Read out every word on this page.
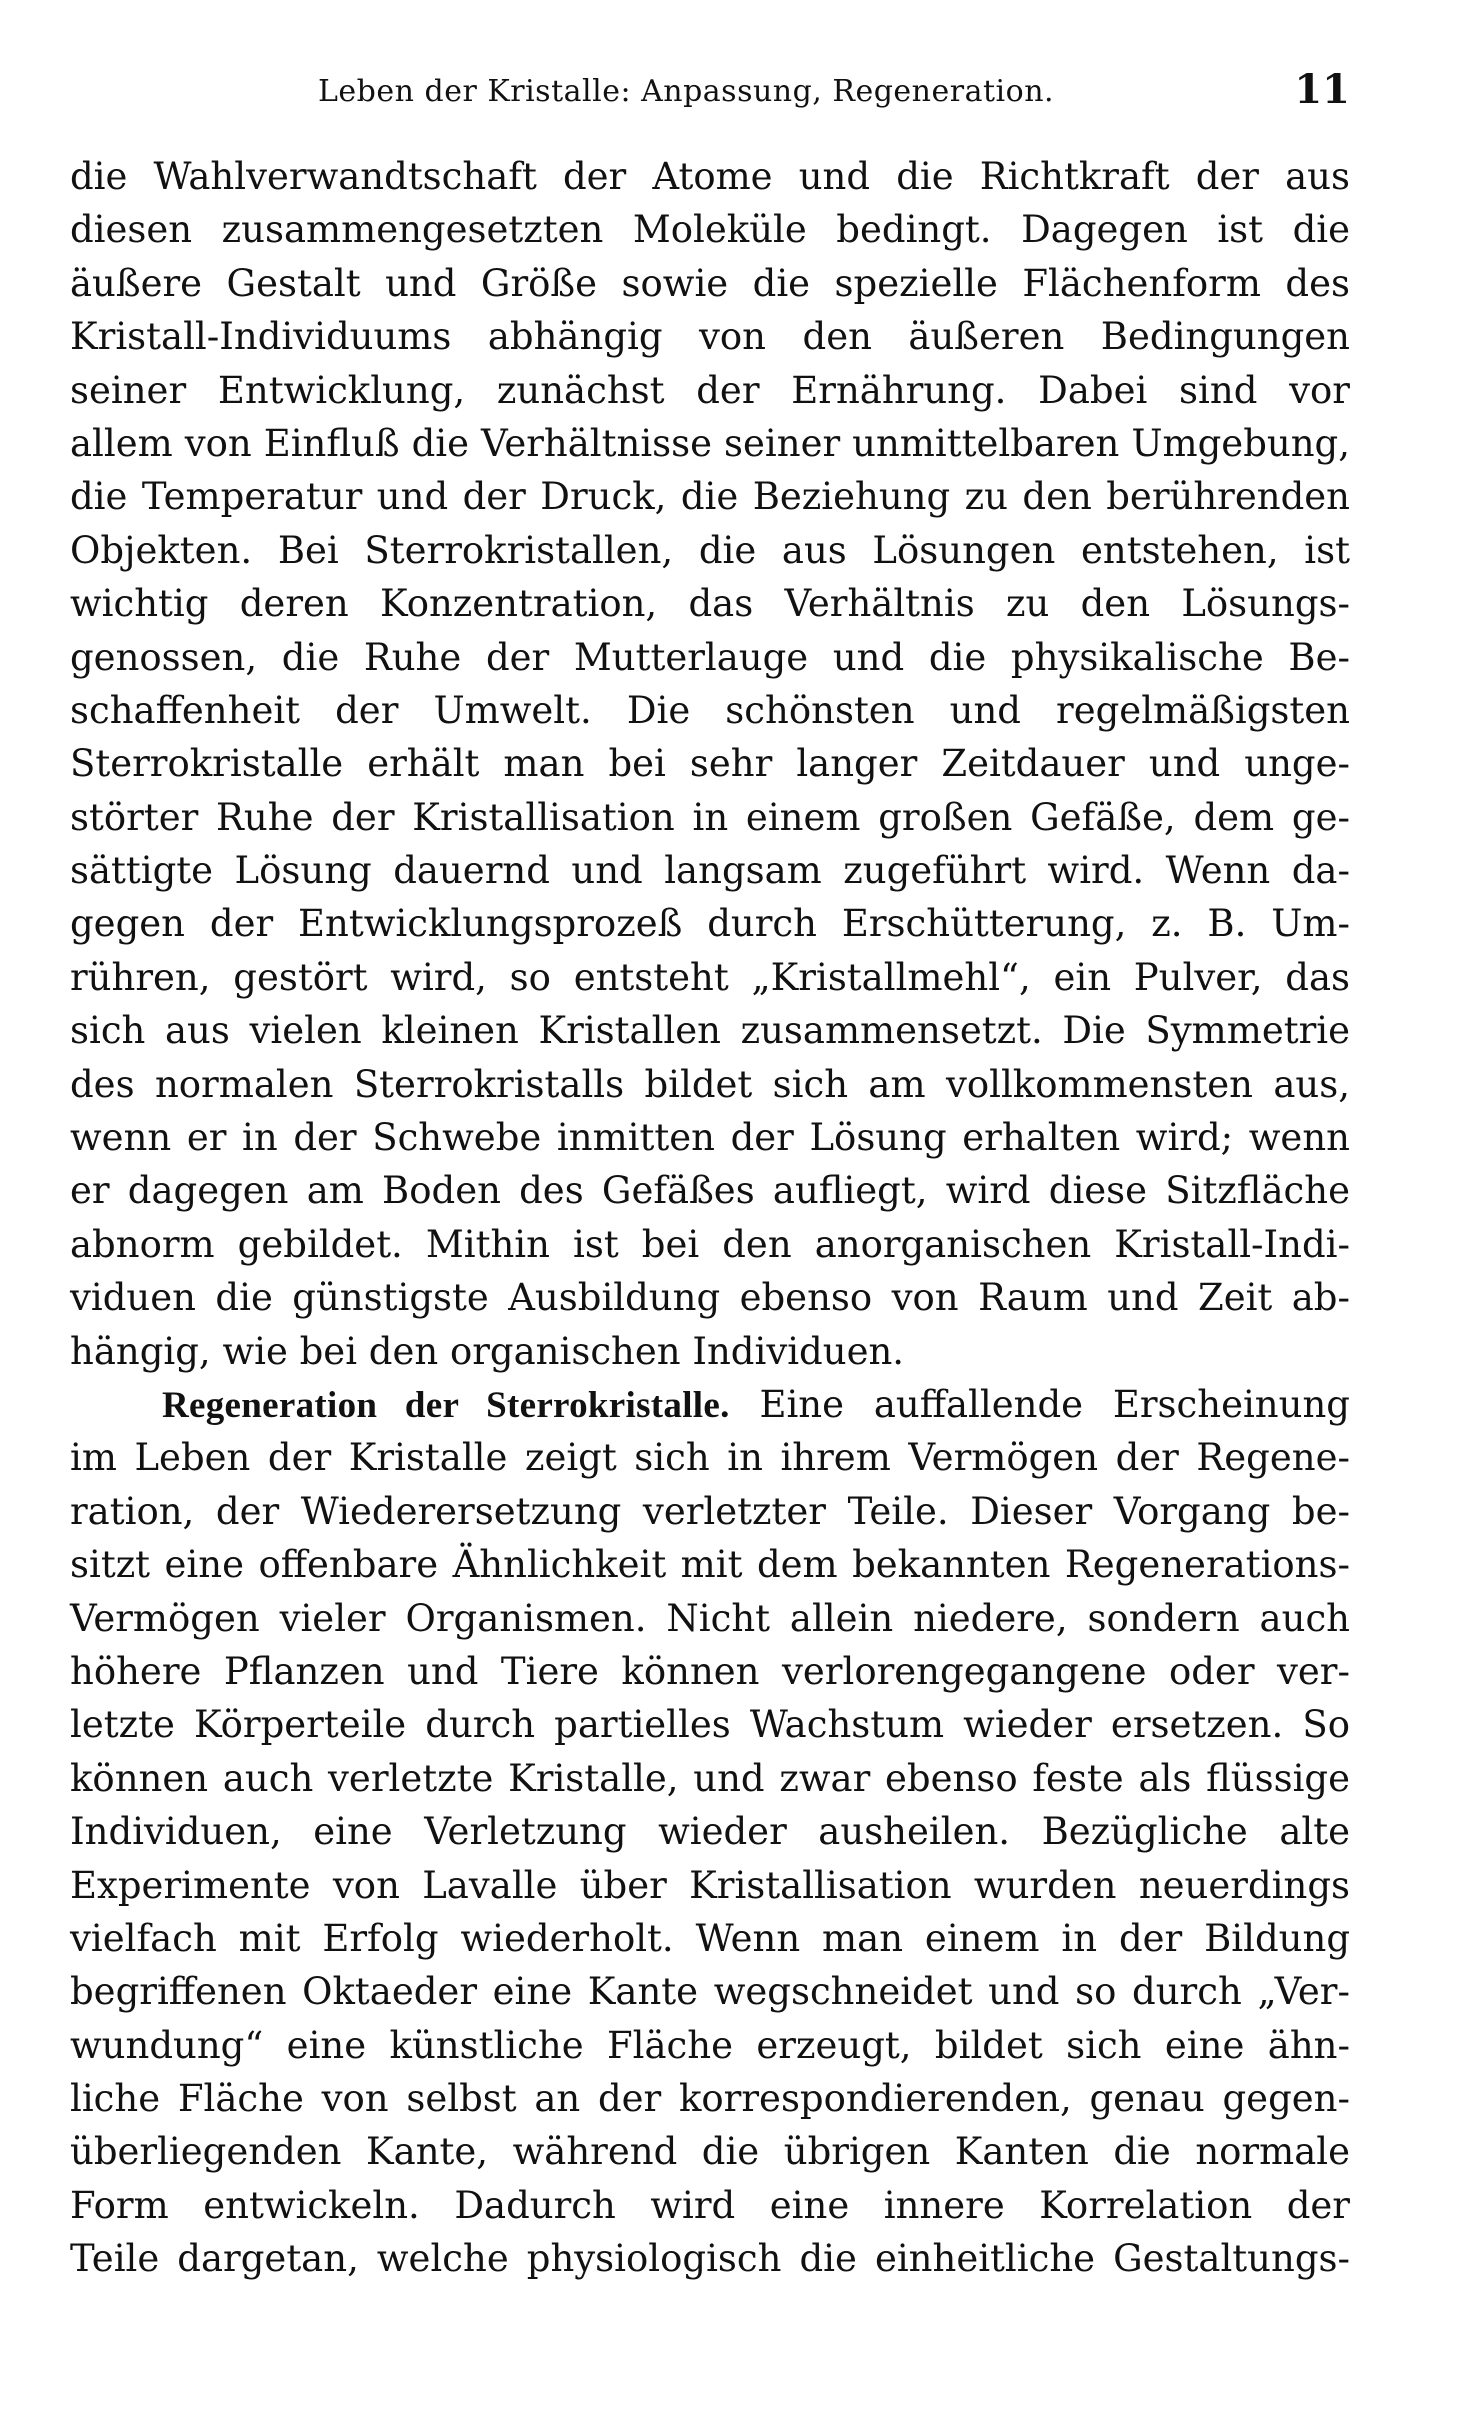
Leben der Kristalle: Anpassung, Regeneration.	11
die Wahlverwandtschaft der Atome und die Richtkraft der aus
diesen zusammengesetzten Moleküle bedingt. Dagegen ist die
äußere Gestalt und Größe sowie die spezielle Flächenform des
Kristall-Individuums abhängig von den äußeren Bedingungen
seiner Entwicklung, zunächst der Ernährung. Dabei sind vor
allem von Einfluß die Verhältnisse seiner unmittelbaren Umgebung,
die Temperatur und der Druck, die Beziehung zu den berührenden
Objekten. Bei Sterrokristallen, die aus Lösungen entstehen, ist
wichtig deren Konzentration, das Verhältnis zu den Lösungs-
genossen, die Ruhe der Mutterlauge und die physikalische Be-
schaffenheit der Umwelt. Die schönsten und regelmäßigsten
Sterrokristalle erhält man bei sehr langer Zeitdauer und unge-
störter Ruhe der Kristallisation in einem großen Gefäße, dem ge-
sättigte Lösung dauernd und langsam zugeführt wird. Wenn da-
gegen der Entwicklungsprozeß durch Erschütterung, z. B. Um-
rühren, gestört wird, so entsteht „Kristallmehl“, ein Pulver, das
sich aus vielen kleinen Kristallen zusammensetzt. Die Symmetrie
des normalen Sterrokristalls bildet sich am vollkommensten aus,
wenn er in der Schwebe inmitten der Lösung erhalten wird; wenn
er dagegen am Boden des Gefäßes aufliegt, wird diese Sitzfläche
abnorm gebildet. Mithin ist bei den anorganischen Kristall-Indi-
viduen die günstigste Ausbildung ebenso von Raum und Zeit ab-
hängig, wie bei den organischen Individuen.
Regeneration der Sterrokristalle. Eine auffallende Erscheinung
im Leben der Kristalle zeigt sich in ihrem Vermögen der Regene-
ration, der Wiederersetzung verletzter Teile. Dieser Vorgang be-
sitzt eine offenbare Ähnlichkeit mit dem bekannten Regenerations-
Vermögen vieler Organismen. Nicht allein niedere, sondern auch
höhere Pflanzen und Tiere können verlorengegangene oder ver-
letzte Körperteile durch partielles Wachstum wieder ersetzen. So
können auch verletzte Kristalle, und zwar ebenso feste als flüssige
Individuen, eine Verletzung wieder ausheilen. Bezügliche alte
Experimente von Lavalle über Kristallisation wurden neuerdings
vielfach mit Erfolg wiederholt. Wenn man einem in der Bildung
begriffenen Oktaeder eine Kante wegschneidet und so durch „Ver-
wundung“ eine künstliche Fläche erzeugt, bildet sich eine ähn-
liche Fläche von selbst an der korrespondierenden, genau gegen-
überliegenden Kante, während die übrigen Kanten die normale
Form entwickeln. Dadurch wird eine innere Korrelation der
Teile dargetan, welche physiologisch die einheitliche Gestaltungs-
